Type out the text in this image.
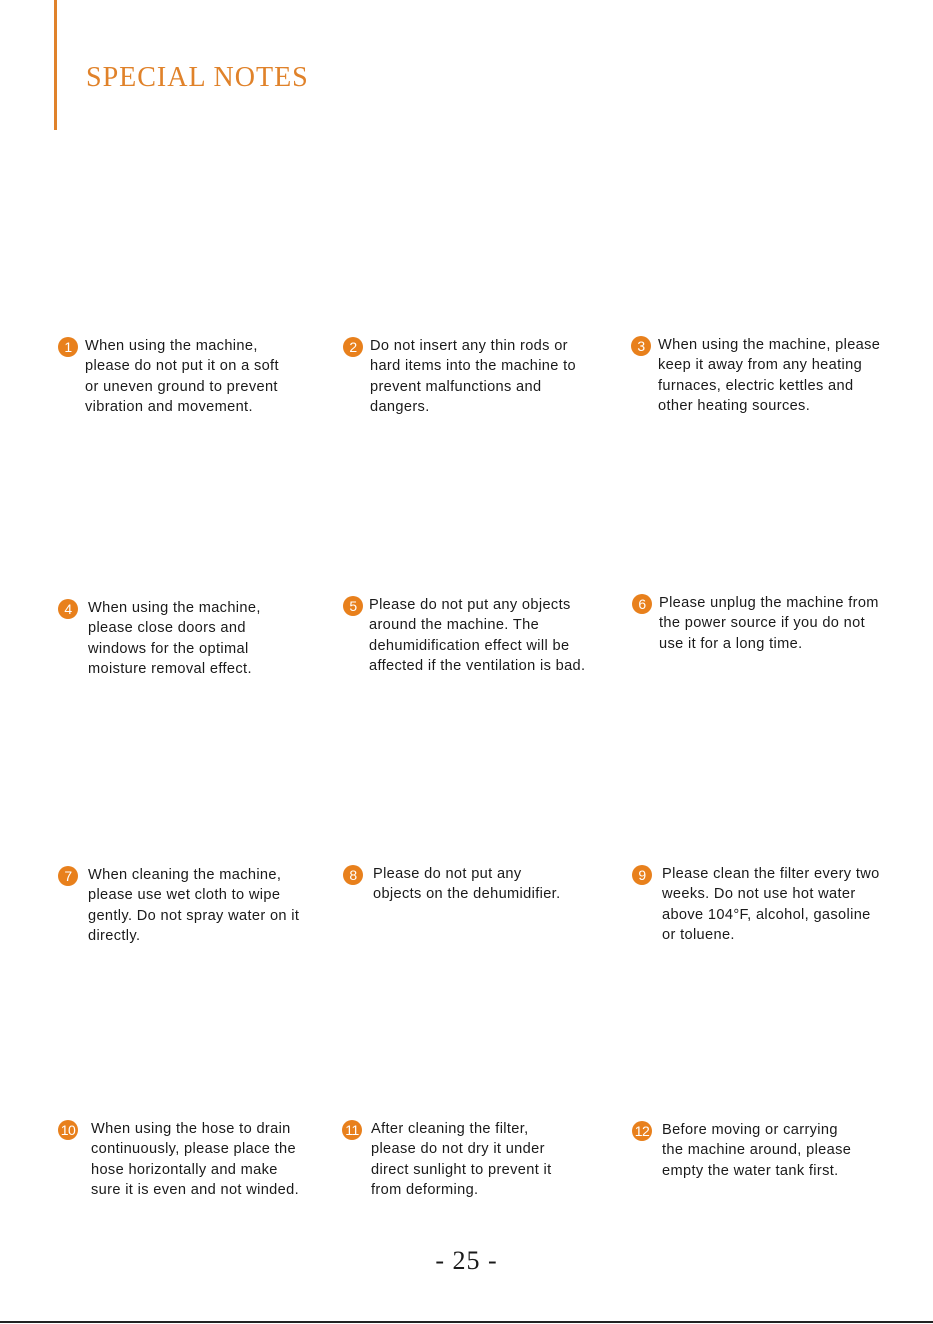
SPECIAL NOTES
1 When using the machine,
please do not put it on a soft
or uneven ground to prevent
vibration and movement.

2 Do not insert any thin rods or
hard items into the machine to
prevent malfunctions and
dangers.

3 When using the machine, please
keep it away from any heating
furnaces, electric kettles and
other heating sources.

4	When using the machine,
please close doors and
windows for the optimal
moisture removal effect.

5 Please do not put any objects
around the machine. The
dehumidification effect will be
affected if the ventilation is bad.

6 Please unplug the machine from
the power source if you do not
use it for a long time.

7	When cleaning the machine,
please use wet cloth to wipe
gently. Do not spray water on it
directly.

8	Please do not put any
objects on the dehumidifier.

9	Please clean the filter every two
weeks. Do not use hot water
above 104°F, alcohol, gasoline
or toluene.

10 When using the hose to drain
continuously, please place the
hose horizontally and make
sure it is even and not winded.

11 After cleaning the filter,
please do not dry it under
direct sunlight to prevent it
from deforming.

12 Before moving or carrying
the machine around, please
empty the water tank first.

- 25 -
